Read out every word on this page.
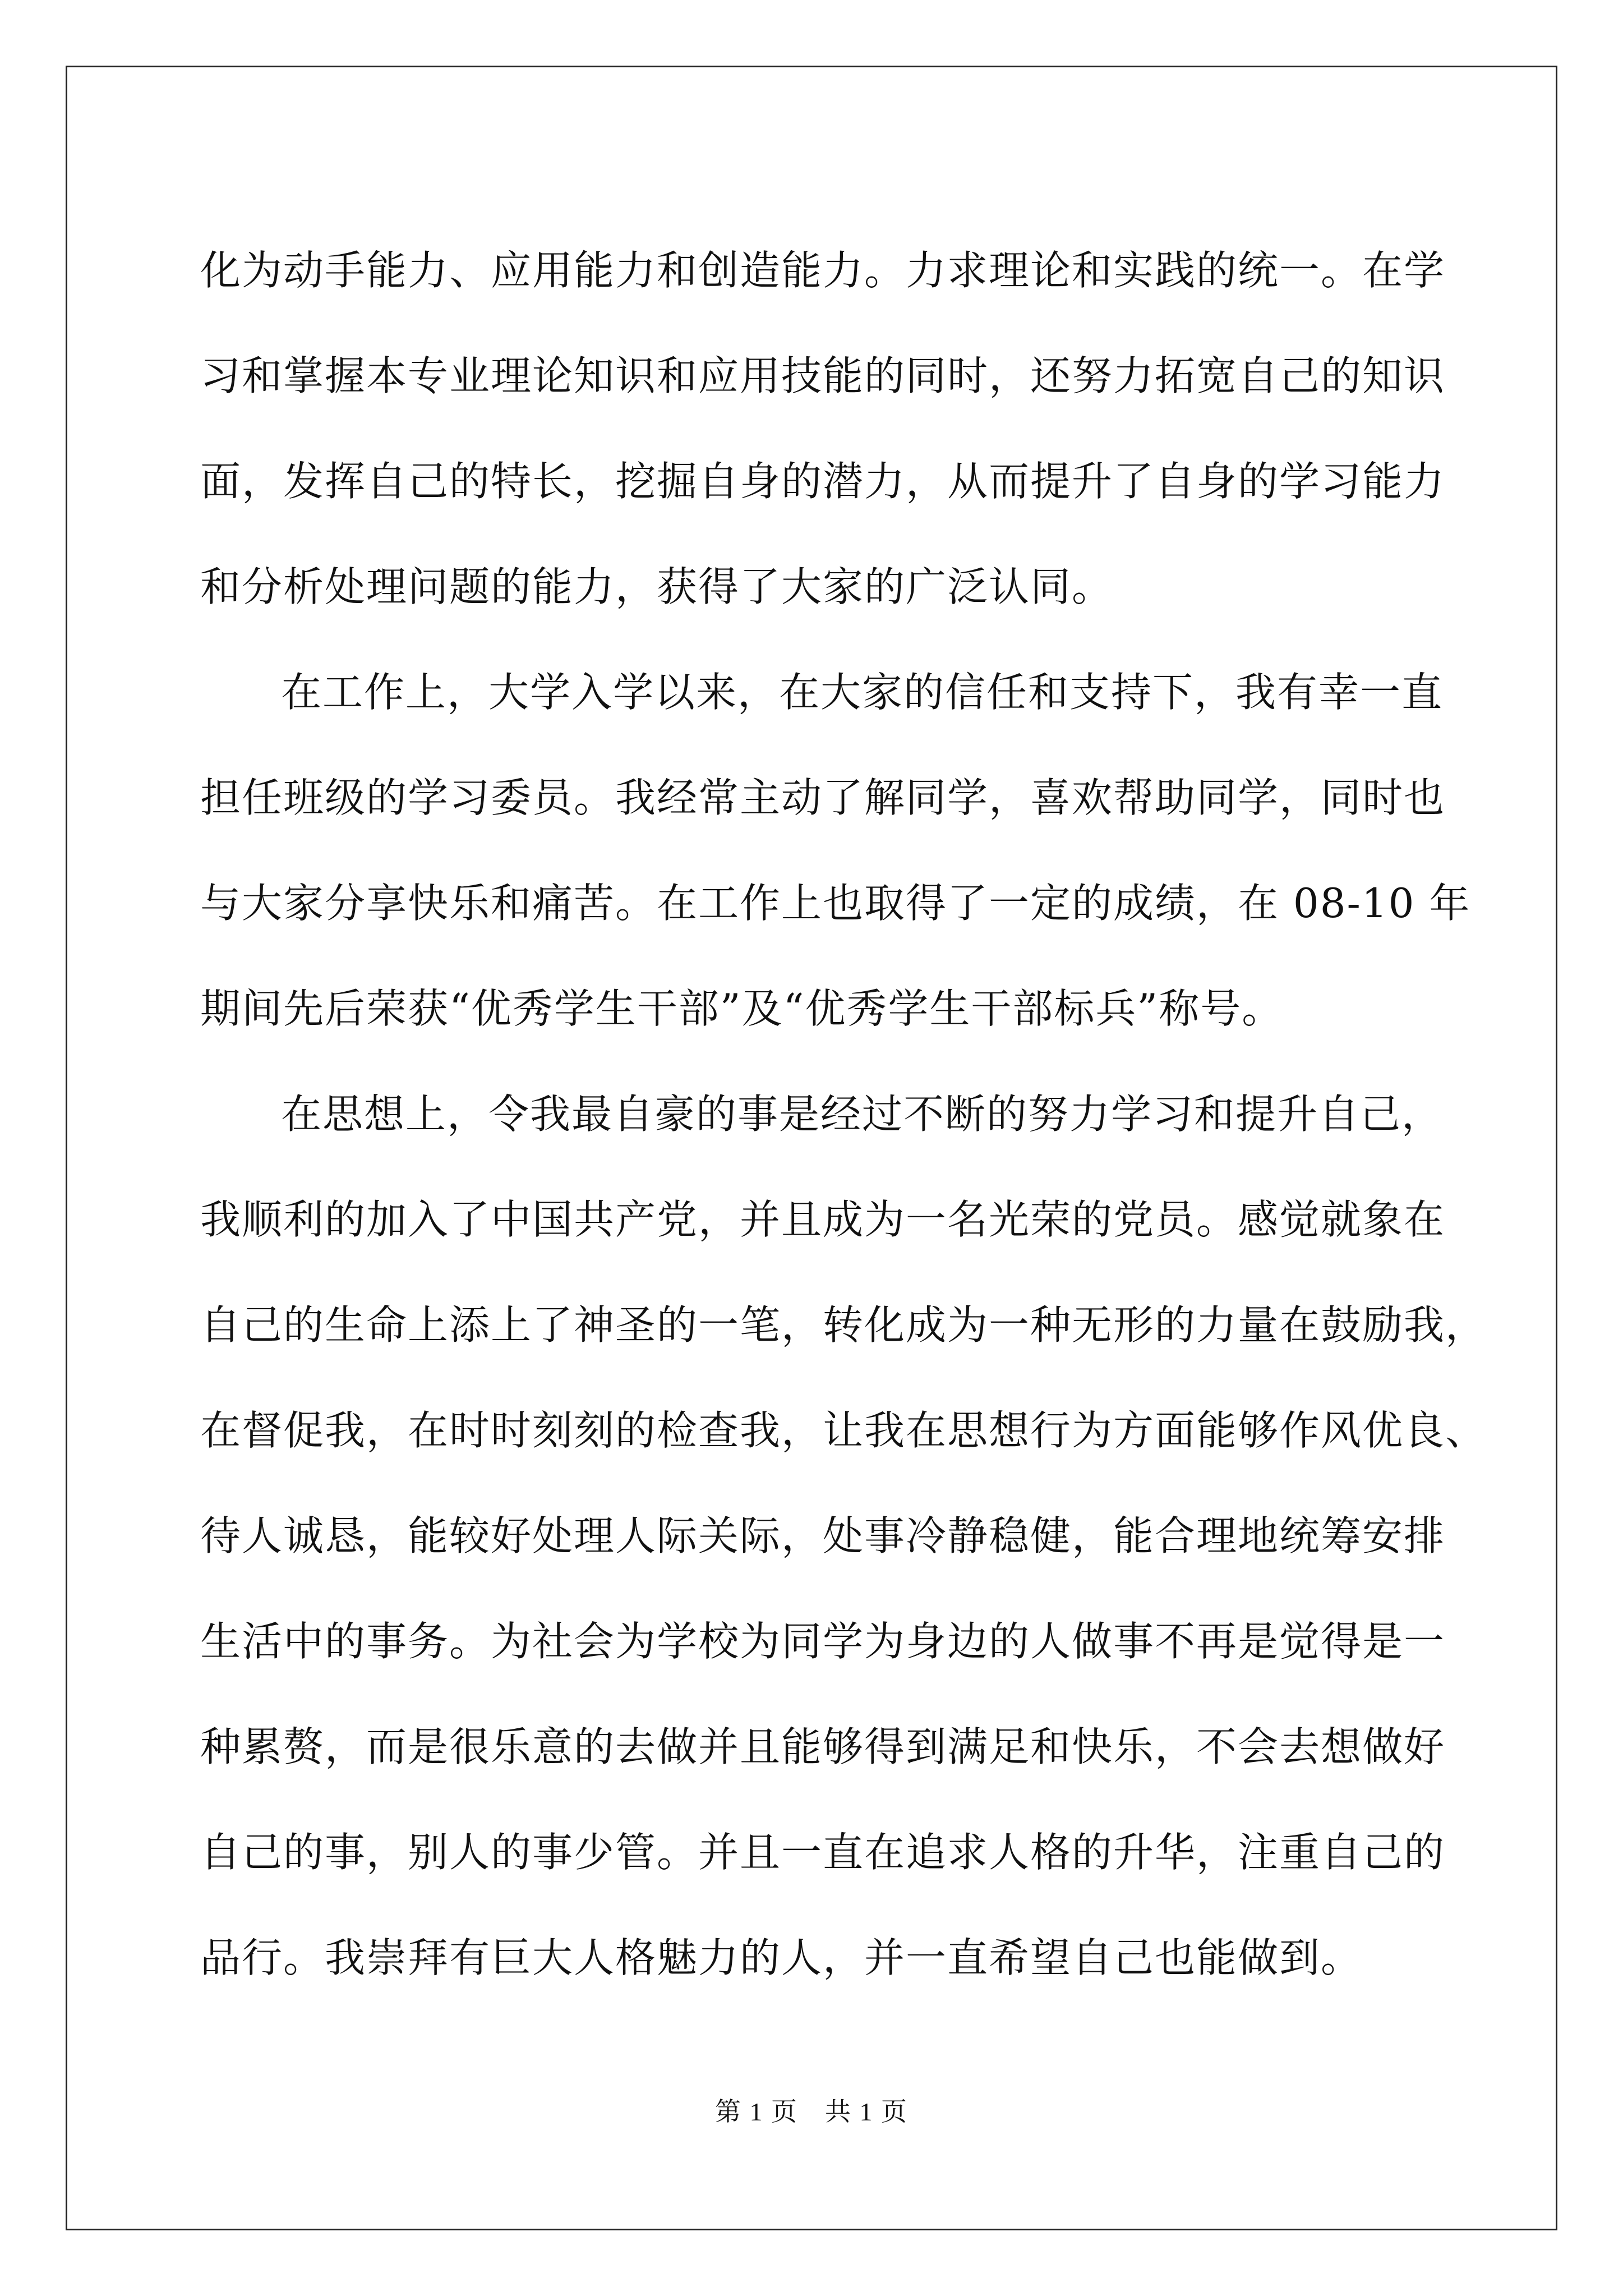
化为动手能力、应用能力和创造能力。力求理论和实践的统一。在学
习和掌握本专业理论知识和应用技能的同时，还努力拓宽自己的知识
面，发挥自己的特长，挖掘自身的潜力，从而提升了自身的学习能力
和分析处理问题的能力，获得了大家的广泛认同。
在工作上，大学入学以来，在大家的信任和支持下，我有幸一直
担任班级的学习委员。我经常主动了解同学，喜欢帮助同学，同时也
与大家分享快乐和痛苦。在工作上也取得了一定的成绩，在 08-10 年
期间先后荣获“优秀学生干部”及“优秀学生干部标兵”称号。
在思想上，令我最自豪的事是经过不断的努力学习和提升自己，
我顺利的加入了中国共产党，并且成为一名光荣的党员。感觉就象在
自己的生命上添上了神圣的一笔，转化成为一种无形的力量在鼓励我，
在督促我，在时时刻刻的检查我，让我在思想行为方面能够作风优良、
待人诚恳，能较好处理人际关际，处事冷静稳健，能合理地统筹安排
生活中的事务。为社会为学校为同学为身边的人做事不再是觉得是一
种累赘，而是很乐意的去做并且能够得到满足和快乐，不会去想做好
自己的事，别人的事少管。并且一直在追求人格的升华，注重自己的
品行。我崇拜有巨大人格魅力的人，并一直希望自己也能做到。
第 1 页　共 1 页
